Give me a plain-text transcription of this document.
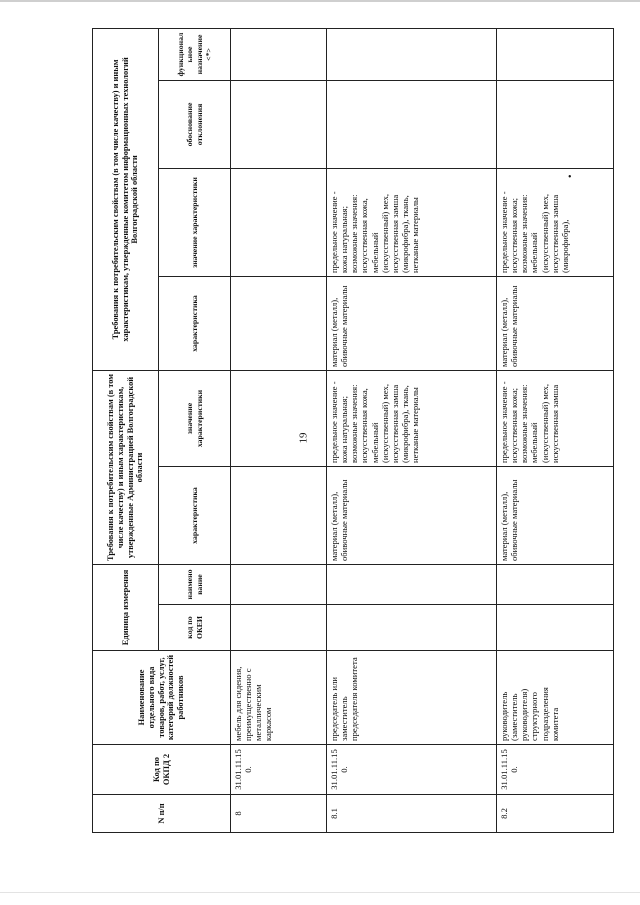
19
N п/п	Код по ОКПД 2	Наименование отдельного вида товаров, работ, услуг, категорий должностей работников	Единица измерения		Требования к потребительским свойствам (в том числе качеству) и иным характеристикам, утвержденные Администрацией Волгоградской области		Требования к потребительским свойствам (в том числе качеству) и иным характеристикам, утвержденные комитетом информационных технологий Волгоградской области			
			код по ОКЕИ	наименование	характеристика	значение характеристики	характеристика	значение характеристики	обоснование отклонения	функциональное назначение <*>
8	31.01.11.150.	мебель для сидения, преимущественно с металлическим каркасом								
8.1	31.01.11.150.	председатель или заместитель председателя комитета			материал (металл), обивочные материалы	предельное значение - кожа натуральная; возможные значения: искусственная кожа, мебельный (искусственный) мех, искусственная замша (микрофибра), ткань, нетканые материалы	материал (металл), обивочные материалы	предельное значение - кожа натуральная; возможные значения: искусственная кожа, мебельный (искусственный) мех, искусственная замша (микрофибра), ткань, нетканые материалы		
8.2	31.01.11.150.	руководитель (заместитель руководителя) структурного подразделения комитета			материал (металл), обивочные материалы	предельное значение - искусственная кожа; возможные значения: мебельный (искусственный) мех, искусственная замша	материал (металл), обивочные материалы	предельное значение - искусственная кожа; возможные значения: мебельный (искусственный) мех, искусственная замша (микрофибра),		
•
